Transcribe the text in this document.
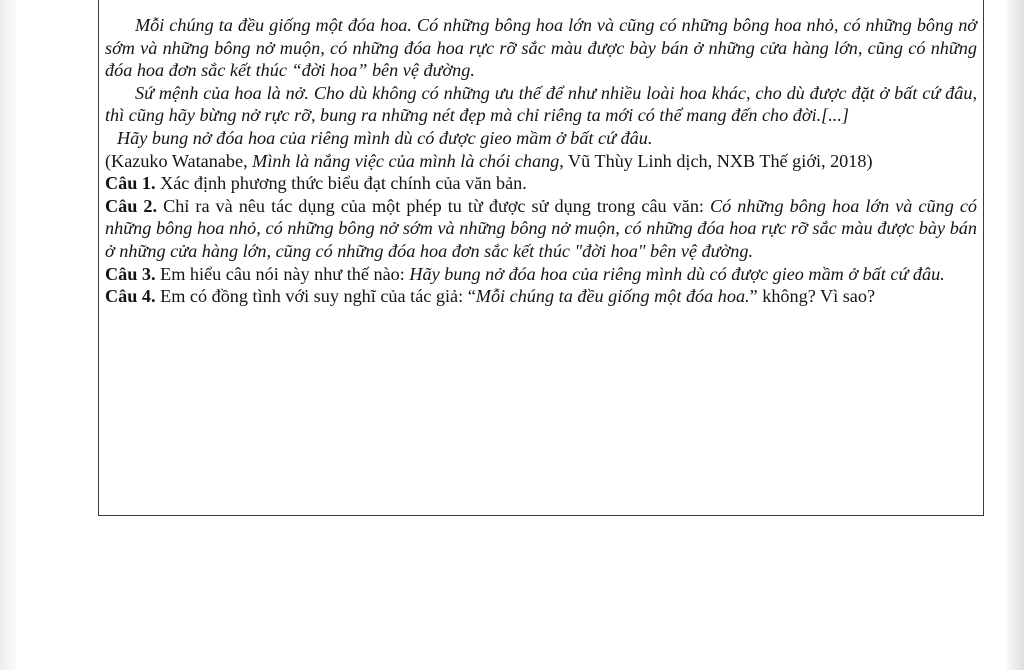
Mỗi chúng ta đều giống một đóa hoa. Có những bông hoa lớn và cũng có những bông hoa nhỏ, có những bông nở sớm và những bông nở muộn, có những đóa hoa rực rỡ sắc màu được bày bán ở những cửa hàng lớn, cũng có những đóa hoa đơn sắc kết thúc “đời hoa” bên vệ đường.

Sứ mệnh của hoa là nở. Cho dù không có những ưu thế để như nhiều loài hoa khác, cho dù được đặt ở bất cứ đâu, thì cũng hãy bừng nở rực rỡ, bung ra những nét đẹp mà chỉ riêng ta mới có thể mang đến cho đời.[...]

Hãy bung nở đóa hoa của riêng mình dù có được gieo mầm ở bất cứ đâu.

(Kazuko Watanabe, Mình là nắng việc của mình là chói chang, Vũ Thùy Linh dịch, NXB Thế giới, 2018)

Câu 1. Xác định phương thức biểu đạt chính của văn bản.

Câu 2. Chỉ ra và nêu tác dụng của một phép tu từ được sử dụng trong câu văn: Có những bông hoa lớn và cũng có những bông hoa nhỏ, có những bông nở sớm và những bông nở muộn, có những đóa hoa rực rỡ sắc màu được bày bán ở những cửa hàng lớn, cũng có những đóa hoa đơn sắc kết thúc "đời hoa" bên vệ đường.

Câu 3. Em hiểu câu nói này như thế nào: Hãy bung nở đóa hoa của riêng mình dù có được gieo mầm ở bất cứ đâu.

Câu 4. Em có đồng tình với suy nghĩ của tác giả: “Mỗi chúng ta đều giống một đóa hoa.” không? Vì sao?
